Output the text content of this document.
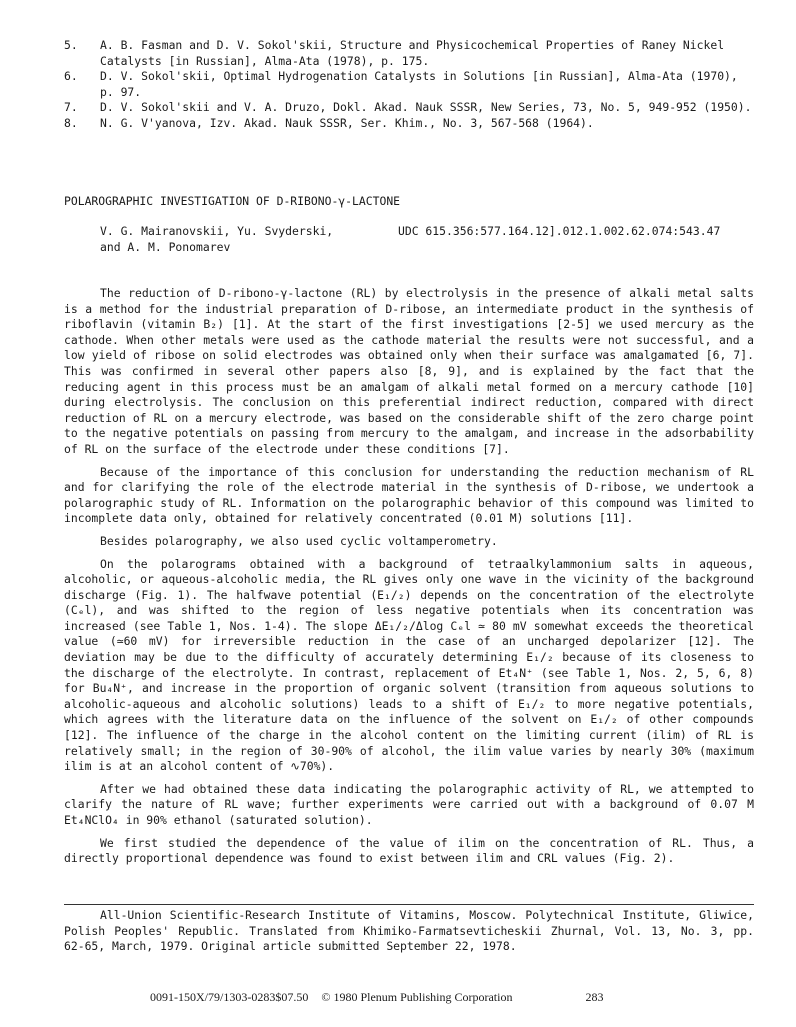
5.	A. B. Fasman and D. V. Sokol'skii, Structure and Physicochemical Properties of Raney Nickel Catalysts [in Russian], Alma-Ata (1978), p. 175.
6.	D. V. Sokol'skii, Optimal Hydrogenation Catalysts in Solutions [in Russian], Alma-Ata (1970), p. 97.
7.	D. V. Sokol'skii and V. A. Druzo, Dokl. Akad. Nauk SSSR, New Series, 73, No. 5, 949-952 (1950).
8.	N. G. V'yanova, Izv. Akad. Nauk SSSR, Ser. Khim., No. 3, 567-568 (1964).
POLAROGRAPHIC INVESTIGATION OF D-RIBONO-γ-LACTONE
V. G. Mairanovskii, Yu. Svyderski,
and A. M. Ponomarev
UDC 615.356:577.164.12].012.1.002.62.074:543.47

The reduction of D-ribono-γ-lactone (RL) by electrolysis in the presence of alkali metal salts is a method for the industrial preparation of D-ribose, an intermediate product in the synthesis of riboflavin (vitamin B₂) [1]. At the start of the first investigations [2-5] we used mercury as the cathode. When other metals were used as the cathode material the results were not successful, and a low yield of ribose on solid electrodes was obtained only when their surface was amalgamated [6, 7]. This was confirmed in several other papers also [8, 9], and is explained by the fact that the reducing agent in this process must be an amalgam of alkali metal formed on a mercury cathode [10] during electrolysis. The conclusion on this preferential indirect reduction, compared with direct reduction of RL on a mercury electrode, was based on the considerable shift of the zero charge point to the negative potentials on passing from mercury to the amalgam, and increase in the adsorbability of RL on the surface of the electrode under these conditions [7].

Because of the importance of this conclusion for understanding the reduction mechanism of RL and for clarifying the role of the electrode material in the synthesis of D-ribose, we undertook a polarographic study of RL. Information on the polarographic behavior of this compound was limited to incomplete data only, obtained for relatively concentrated (0.01 M) solutions [11].

Besides polarography, we also used cyclic voltamperometry.

On the polarograms obtained with a background of tetraalkylammonium salts in aqueous, alcoholic, or aqueous-alcoholic media, the RL gives only one wave in the vicinity of the background discharge (Fig. 1). The halfwave potential (E₁/₂) depends on the concentration of the electrolyte (Cₑl), and was shifted to the region of less negative potentials when its concentration was increased (see Table 1, Nos. 1-4). The slope ΔE₁/₂/Δlog Cₑl ≃ 80 mV somewhat exceeds the theoretical value (≃60 mV) for irreversible reduction in the case of an uncharged depolarizer [12]. The deviation may be due to the difficulty of accurately determining E₁/₂ because of its closeness to the discharge of the electrolyte. In contrast, replacement of Et₄N⁺ (see Table 1, Nos. 2, 5, 6, 8) for Bu₄N⁺, and increase in the proportion of organic solvent (transition from aqueous solutions to alcoholic-aqueous and alcoholic solutions) leads to a shift of E₁/₂ to more negative potentials, which agrees with the literature data on the influence of the solvent on E₁/₂ of other compounds [12]. The influence of the charge in the alcohol content on the limiting current (ilim) of RL is relatively small; in the region of 30-90% of alcohol, the ilim value varies by nearly 30% (maximum ilim is at an alcohol content of ∿70%).

After we had obtained these data indicating the polarographic activity of RL, we attempted to clarify the nature of RL wave; further experiments were carried out with a background of 0.07 M Et₄NClO₄ in 90% ethanol (saturated solution).

We first studied the dependence of the value of ilim on the concentration of RL. Thus, a directly proportional dependence was found to exist between ilim and CRL values (Fig. 2).

All-Union Scientific-Research Institute of Vitamins, Moscow. Polytechnical Institute, Gliwice, Polish Peoples' Republic. Translated from Khimiko-Farmatsevticheskii Zhurnal, Vol. 13, No. 3, pp. 62-65, March, 1979. Original article submitted September 22, 1978.

0091-150X/79/1303-0283$07.50 © 1980 Plenum Publishing Corporation	283
